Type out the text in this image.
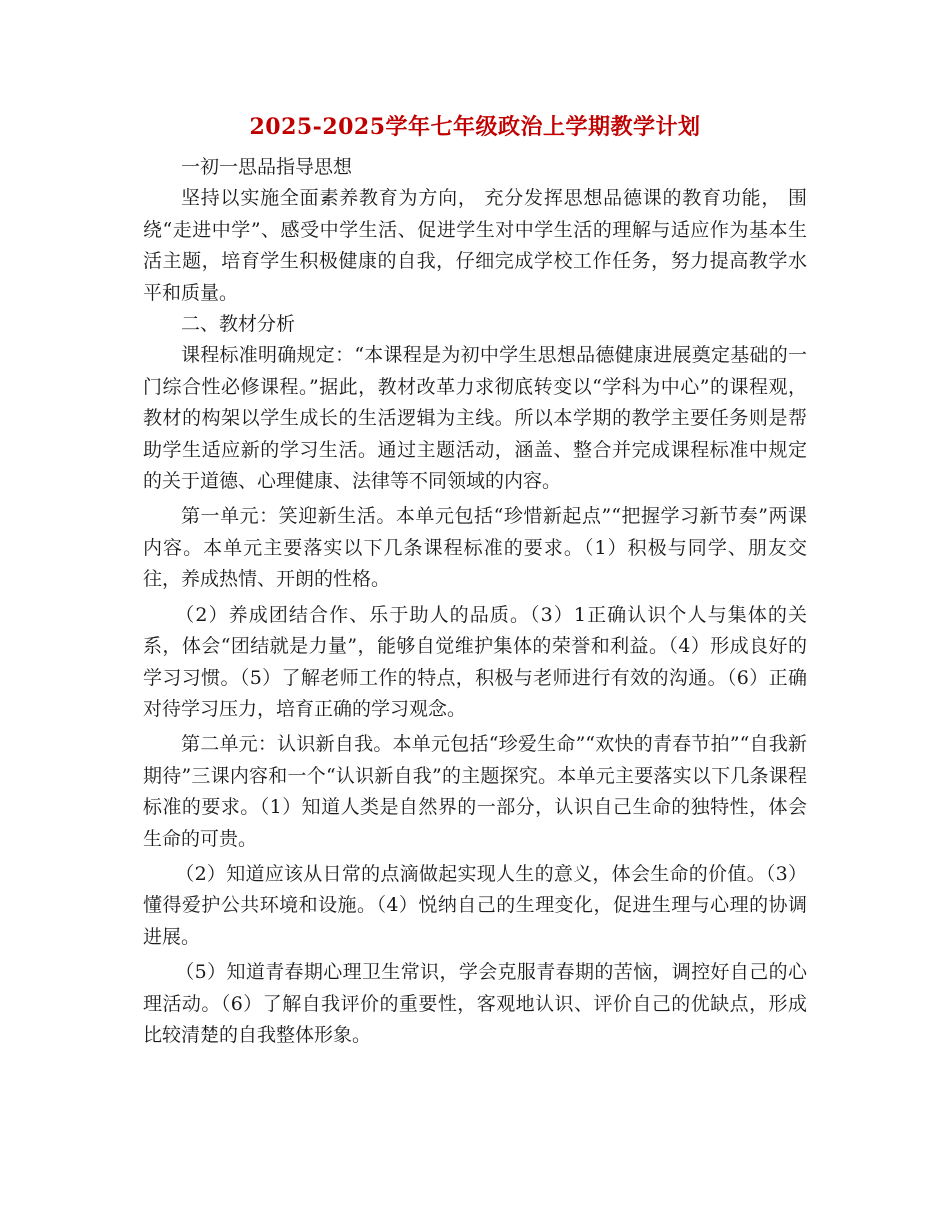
2025-2025学年七年级政治上学期教学计划

一初一思品指导思想

坚持以实施全面素养教育为方向， 充分发挥思想品德课的教育功能， 围绕“走进中学”、感受中学生活、促进学生对中学生活的理解与适应作为基本生活主题，培育学生积极健康的自我，仔细完成学校工作任务，努力提高教学水平和质量。

二、教材分析

课程标准明确规定：“本课程是为初中学生思想品德健康进展奠定基础的一门综合性必修课程。”据此，教材改革力求彻底转变以“学科为中心”的课程观，教材的构架以学生成长的生活逻辑为主线。所以本学期的教学主要任务则是帮助学生适应新的学习生活。通过主题活动，涵盖、整合并完成课程标准中规定的关于道德、心理健康、法律等不同领域的内容。

第一单元：笑迎新生活。本单元包括“珍惜新起点”“把握学习新节奏”两课内容。本单元主要落实以下几条课程标准的要求。（1）积极与同学、朋友交往，养成热情、开朗的性格。

（2）养成团结合作、乐于助人的品质。（3）1正确认识个人与集体的关系，体会“团结就是力量”，能够自觉维护集体的荣誉和利益。（4）形成良好的学习习惯。（5）了解老师工作的特点，积极与老师进行有效的沟通。（6）正确对待学习压力，培育正确的学习观念。

第二单元：认识新自我。本单元包括“珍爱生命”“欢快的青春节拍”“自我新期待”三课内容和一个“认识新自我”的主题探究。本单元主要落实以下几条课程标准的要求。（1）知道人类是自然界的一部分，认识自己生命的独特性，体会生命的可贵。

（2）知道应该从日常的点滴做起实现人生的意义，体会生命的价值。（3）懂得爱护公共环境和设施。（4）悦纳自己的生理变化，促进生理与心理的协调进展。

（5）知道青春期心理卫生常识，学会克服青春期的苦恼，调控好自己的心理活动。（6）了解自我评价的重要性，客观地认识、评价自己的优缺点，形成比较清楚的自我整体形象。
